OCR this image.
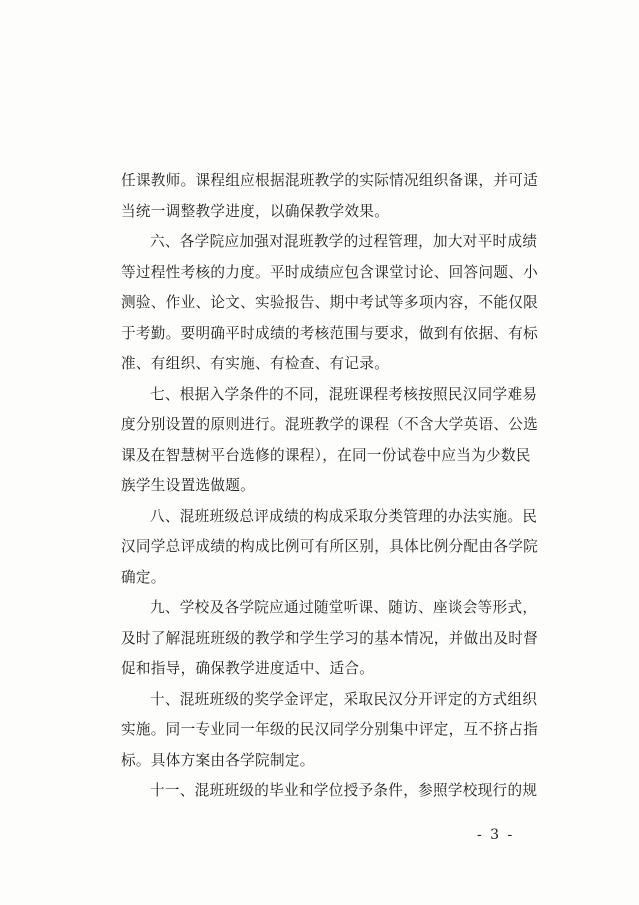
任课教师。课程组应根据混班教学的实际情况组织备课，并可适
当统一调整教学进度，以确保教学效果。
六、各学院应加强对混班教学的过程管理，加大对平时成绩
等过程性考核的力度。平时成绩应包含课堂讨论、回答问题、小
测验、作业、论文、实验报告、期中考试等多项内容，不能仅限
于考勤。要明确平时成绩的考核范围与要求，做到有依据、有标
准、有组织、有实施、有检查、有记录。
七、根据入学条件的不同，混班课程考核按照民汉同学难易
度分别设置的原则进行。混班教学的课程（不含大学英语、公选
课及在智慧树平台选修的课程），在同一份试卷中应当为少数民
族学生设置选做题。
八、混班班级总评成绩的构成采取分类管理的办法实施。民
汉同学总评成绩的构成比例可有所区别，具体比例分配由各学院
确定。
九、学校及各学院应通过随堂听课、随访、座谈会等形式，
及时了解混班班级的教学和学生学习的基本情况，并做出及时督
促和指导，确保教学进度适中、适合。
十、混班班级的奖学金评定，采取民汉分开评定的方式组织
实施。同一专业同一年级的民汉同学分别集中评定，互不挤占指
标。具体方案由各学院制定。
十一、混班班级的毕业和学位授予条件，参照学校现行的规
- 3 -
